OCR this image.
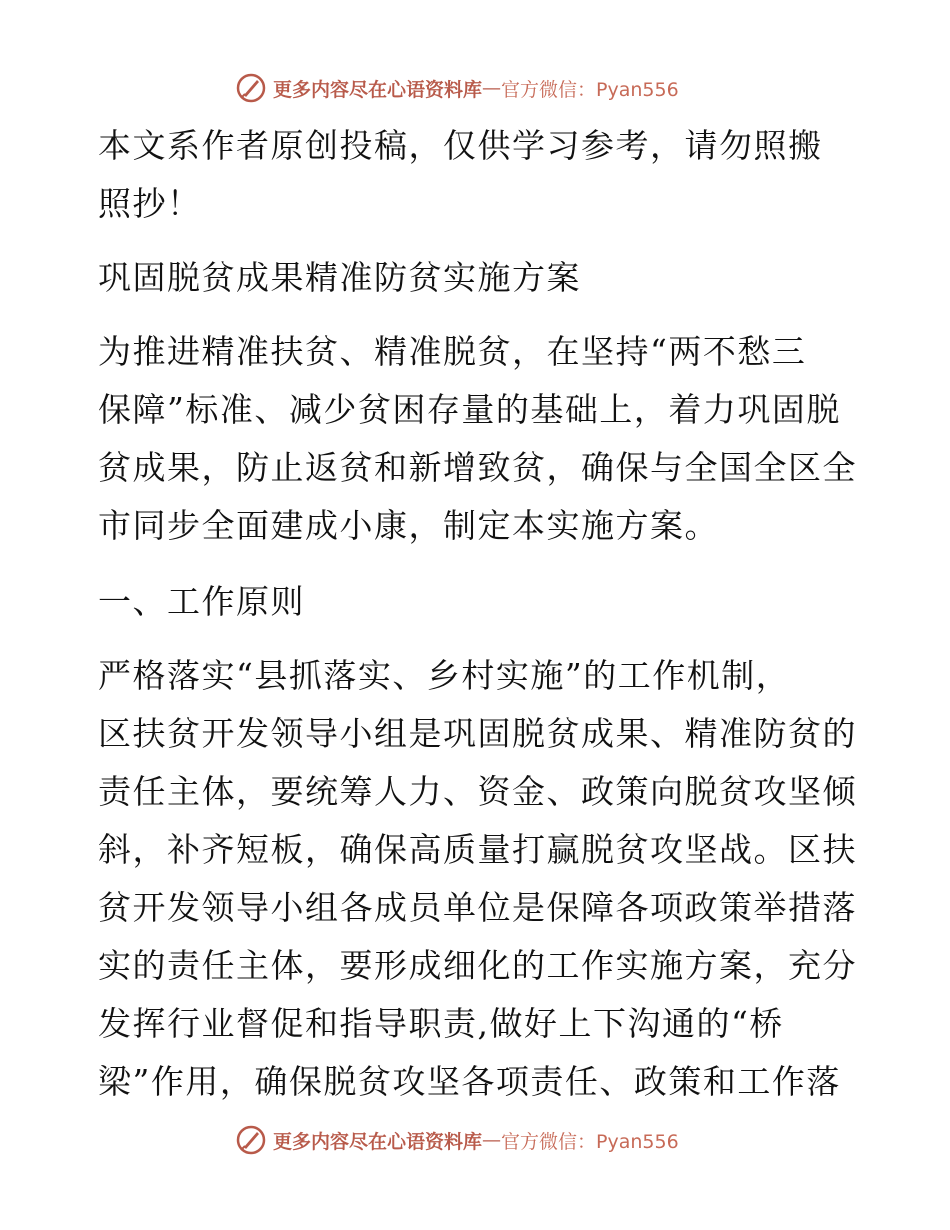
更多内容尽在心语资料库 — 官方微信：Pyan556
本文系作者原创投稿，仅供学习参考，请勿照搬
照抄！
巩固脱贫成果精准防贫实施方案
为推进精准扶贫、精准脱贫，在坚持“两不愁三
保障”标准、减少贫困存量的基础上，着力巩固脱
贫成果，防止返贫和新增致贫，确保与全国全区全
市同步全面建成小康，制定本实施方案。
一、工作原则
严格落实“县抓落实、乡村实施”的工作机制，
区扶贫开发领导小组是巩固脱贫成果、精准防贫的
责任主体，要统筹人力、资金、政策向脱贫攻坚倾
斜，补齐短板，确保高质量打赢脱贫攻坚战。区扶
贫开发领导小组各成员单位是保障各项政策举措落
实的责任主体，要形成细化的工作实施方案，充分
发挥行业督促和指导职责,做好上下沟通的“桥
梁”作用，确保脱贫攻坚各项责任、政策和工作落
更多内容尽在心语资料库 — 官方微信：Pyan556
